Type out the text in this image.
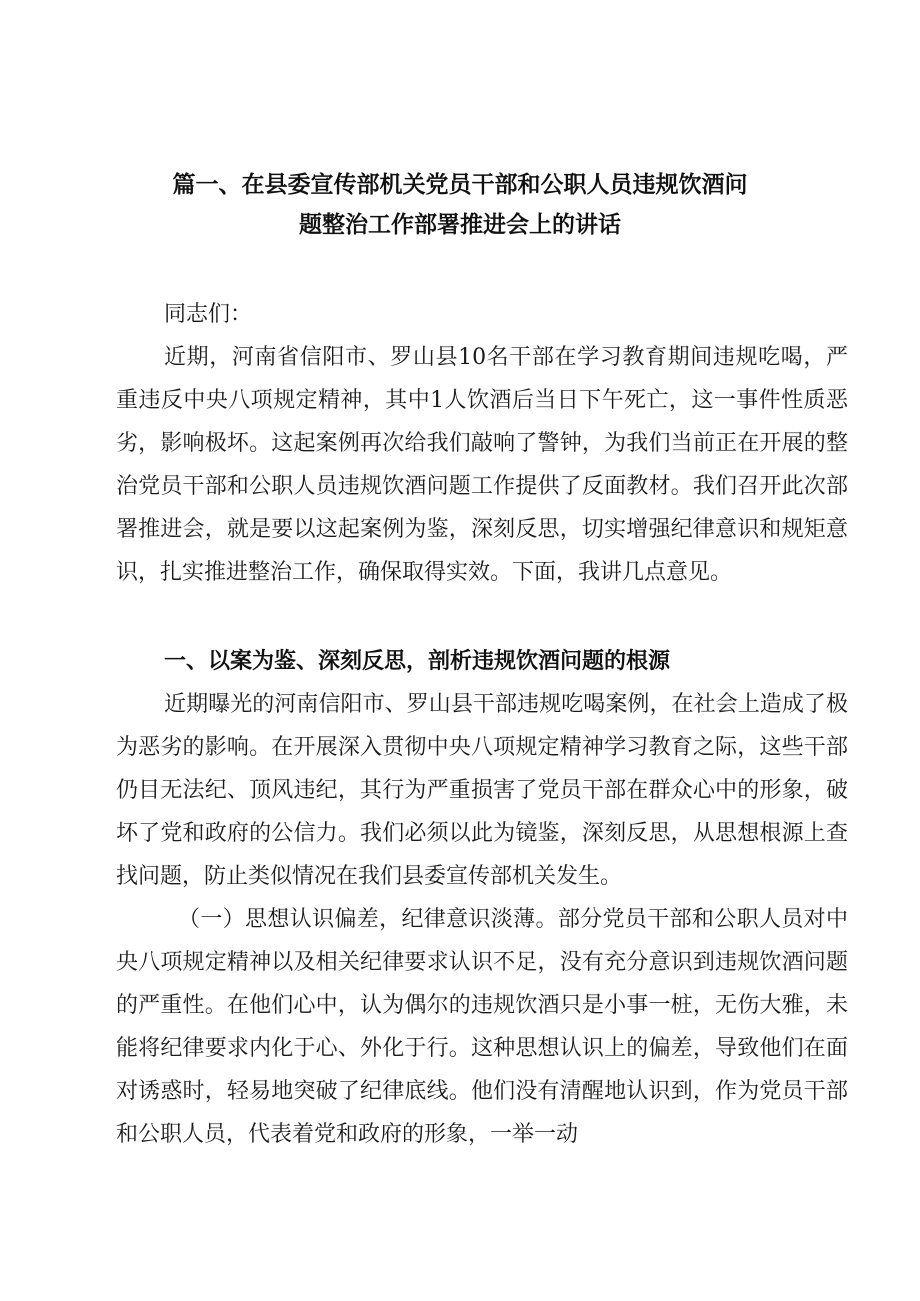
篇一、在县委宣传部机关党员干部和公职人员违规饮酒问
题整治工作部署推进会上的讲话

同志们：

近期，河南省信阳市、罗山县10名干部在学习教育期间违规吃喝，严重违反中央八项规定精神，其中1人饮酒后当日下午死亡，这一事件性质恶劣，影响极坏。这起案例再次给我们敲响了警钟，为我们当前正在开展的整治党员干部和公职人员违规饮酒问题工作提供了反面教材。我们召开此次部署推进会，就是要以这起案例为鉴，深刻反思，切实增强纪律意识和规矩意识，扎实推进整治工作，确保取得实效。下面，我讲几点意见。

一、以案为鉴、深刻反思，剖析违规饮酒问题的根源

近期曝光的河南信阳市、罗山县干部违规吃喝案例，在社会上造成了极为恶劣的影响。在开展深入贯彻中央八项规定精神学习教育之际，这些干部仍目无法纪、顶风违纪，其行为严重损害了党员干部在群众心中的形象，破坏了党和政府的公信力。我们必须以此为镜鉴，深刻反思，从思想根源上查找问题，防止类似情况在我们县委宣传部机关发生。

（一）思想认识偏差，纪律意识淡薄。部分党员干部和公职人员对中央八项规定精神以及相关纪律要求认识不足，没有充分意识到违规饮酒问题的严重性。在他们心中，认为偶尔的违规饮酒只是小事一桩，无伤大雅，未能将纪律要求内化于心、外化于行。这种思想认识上的偏差，导致他们在面对诱惑时，轻易地突破了纪律底线。他们没有清醒地认识到，作为党员干部和公职人员，代表着党和政府的形象，一举一动
